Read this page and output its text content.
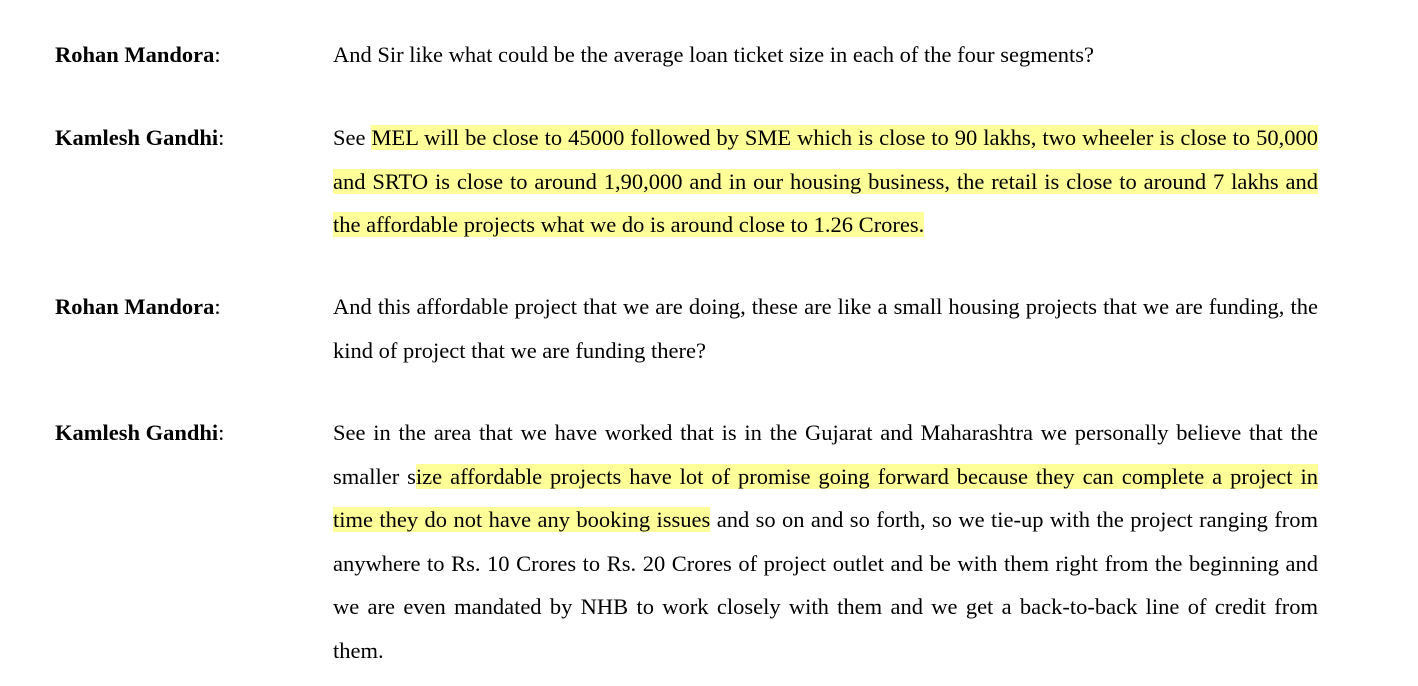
Rohan Mandora:	And Sir like what could be the average loan ticket size in each of the four segments?

Kamlesh Gandhi:	See MEL will be close to 45000 followed by SME which is close to 90 lakhs, two wheeler is close to 50,000 and SRTO is close to around 1,90,000 and in our housing business, the retail is close to around 7 lakhs and the affordable projects what we do is around close to 1.26 Crores.

Rohan Mandora:	And this affordable project that we are doing, these are like a small housing projects that we are funding, the kind of project that we are funding there?

Kamlesh Gandhi:	See in the area that we have worked that is in the Gujarat and Maharashtra we personally believe that the smaller size affordable projects have lot of promise going forward because they can complete a project in time they do not have any booking issues and so on and so forth, so we tie-up with the project ranging from anywhere to Rs. 10 Crores to Rs. 20 Crores of project outlet and be with them right from the beginning and we are even mandated by NHB to work closely with them and we get a back-to-back line of credit from them.
